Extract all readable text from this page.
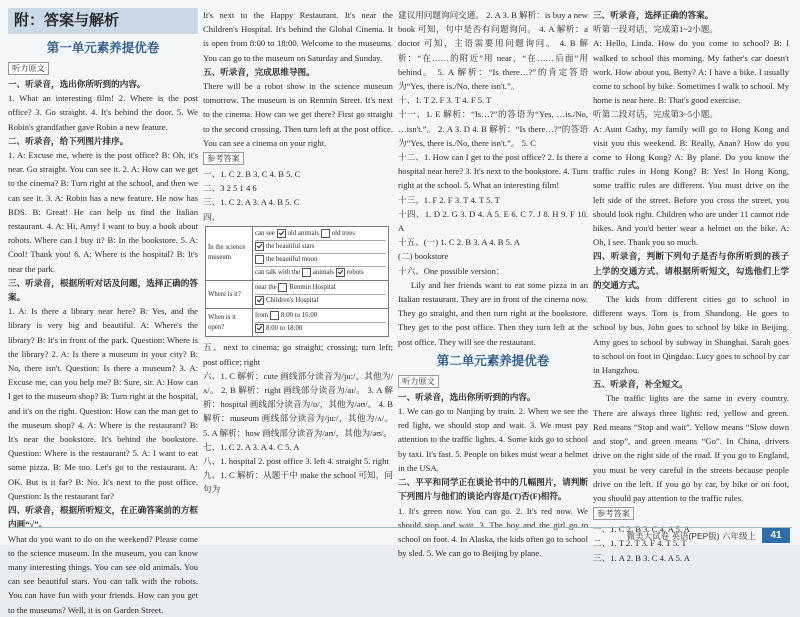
附：答案与解析
第一单元素养提优卷
听力原文
一、听录音，选出你所听到的内容。
1. What an interesting film! 2. Where is the post office? 3. Go straight. 4. It's behind the door. 5. We Robin's grandfather gave Robin a new feature.
二、听录音，给下列图片排序。
1. A: Excuse me, where is the post office? B: Oh, it's near. Go straight. You can see it. 2. A: How can we get to the cinema? B: Turn right at the school, and then we can see it. 3. A: Robin has a new feature. He now has BDS. B: Great! He can help us find the Italian restaurant. 4. A: Hi, Amy! I want to buy a book about robots. Where can I buy it? B: In the bookstore. 5. A: Cool! Thank you! 6. A: Where is the hospital? B: It's near the park.
三、听录音，根据所听对话及问题，选择正确的答案。
1. A: Is there a library near here? B: Yes, and the library is very big and beautiful. A: Where's the library? B: It's in front of the park. Question: Where is the library? 2. A: Is there a museum in your city? B: No, there isn't. Question: Is there a museum? 3. A: Excuse me, can you help me? B: Sure, sir. A: How can I get to the museum shop? B: Turn right at the hospital, and it's on the right. Question: How can the man get to the museum shop? 4. A: Where is the restaurant? B: It's near the bookstore. It's behind the bookstore. Question: Where is the restaurant? 5. A: I want to eat some pizza. B: Me too. Let's go to the restaurant. A: OK. But is it far? B: No. It's next to the post office. Question: Is the restaurant far?
四、听录音，根据所听短文，在正确答案前的方框内画“√”。
What do you want to do on the weekend? Please come to the science museum. In the museum, you can know many interesting things. You can see old animals. You can see beautiful stars. You can talk with the robots. You can have fun with your friends. How can you get to the museums? Well, it is on Garden Street.
It's next to the Happy Restaurant. It's near the Children's Hospital. It's behind the Global Cinema. It is open from 8:00 to 18:00. Welcome to the museums. You can go to the museum on Saturday and Sunday.
五、听录音，完成思维导图。
There will be a robot show in the science museum tomorrow. The museum is on Renmin Street. It's next to the cinema. How can we get there? First go straight to the second crossing. Then turn left at the post office. You can see a cinema on your right.
参考答案
一、1. C 2. B 3. C 4. B 5. C
二、3 2 5 1 4 6
三、1. C 2. A 3. A 4. B 5. C
四、
In the science museum	can see old animals old trees
the beautiful stars
the beautiful moon
can talk with the animals robots

Where is it?	near the Renmin Hospital
Children's Hospital

When is it open?	from 8:00 to 16:00
8:00 to 18:00
五、next to cinema; go straight; crossing; turn left; post office; right
六、1. C 解析：cute 画线部分读音为/ju:/，其他为/ʌ/。 2. B 解析：right 画线部分读音为/aɪ/。 3. A 解析：hospital 画线部分读音为/ɒ/，其他为/əʊ/。 4. B 解析：museum 画线部分读音为/ju:/，其他为/ʌ/。 5. A 解析：how 画线部分读音为/aʊ/，其他为/əʊ/。
七、1. C 2. A 3. A 4. C 5. A
八、1. hospital 2. post office 3. left 4. straight 5. right
九、1. C 解析：从题干中 make the school 可知，问句为
建议用问题询问交通。 2. A 3. B 解析：is buy a new book 可知，句中是否有问题询问。 4. A 解析：a doctor 可知，主语需要用问题询问。 4. B 解析：“在……的附近”用 near，“在……后面”用 behind。 5. A 解析：“Is there…?”的肯定答语为“Yes, there is./No, there isn't.”。
十、1. T 2. F 3. T 4. F 5. T
十一、1. E 解析：“Is…?”的答语为“Yes, …is./No, …isn't.”。 2. A 3. D 4. B 解析：“Is there…?”的答语为“Yes, there is./No, there isn't.”。 5. C
十二、1. How can I get to the post office? 2. Is there a hospital near here? 3. It's next to the bookstore. 4. Turn right at the school. 5. What an interesting film!
十三、1. F 2. F 3. T 4. T 5. T
十四、1. D 2. G 3. D 4. A 5. E 6. C 7. J 8. H 9. F 10. A
十五、(一) 1. C 2. B 3. A 4. B 5. A
(二) bookstore
十六、One possible version：
Lily and her friends want to eat some pizza in an Italian restaurant. They are in front of the cinema now. They go straight, and then turn right at the bookstore. They get to the post office. Then they turn left at the post office. They will see the restaurant.
第二单元素养提优卷
听力原文
一、听录音，选出你所听到的内容。
1. We can go to Nanjing by train. 2. When we see the red light, we should stop and wait. 3. We must pay attention to the traffic lights. 4. Some kids go to school by taxi. It's fast. 5. People on bikes must wear a helmet in the USA.
二、平平和同学正在谈论书中的几幅图片，请判断下列图片与他们的谈论内容是(T)否(F)相符。
1. It's green now. You can go. 2. It's red now. We should stop and wait. 3. The boy and the girl go to school on foot. 4. In Alaska, the kids often go to school by sled. 5. We can go to Beijing by plane.
三、听录音，选择正确的答案。
听第一段对话，完成第1~2小题。
A: Hello, Linda. How do you come to school? B: I walked to school this morning. My father's car doesn't work. How about you, Betty? A: I have a bike. I usually come to school by bike. Sometimes I walk to school. My home is near here. B: That's good exercise.
听第二段对话，完成第3~5小题。
A: Aunt Cathy, my family will go to Hong Kong and visit you this weekend. B: Really, Anan? How do you come to Hong Kong? A: By plane. Do you know the traffic rules in Hong Kong? B: Yes! In Hong Kong, some traffic rules are different. You must drive on the left side of the street. Before you cross the street, you should look right. Children who are under 11 cannot ride bikes. And you'd better wear a helmet on the bike. A: Oh, I see. Thank you so much.
四、听录音，判断下列句子是否与你所听到的孩子上学的交通方式、请根据所听短文，勾选他们上学的交通方式。
The kids from different cities go to school in different ways. Tom is from Shandong. He goes to school by bus. John goes to school by bike in Beijing. Amy goes to school by subway in Shanghai. Sarah goes to school on foot in Qingdao. Lucy goes to school by car in Hangzhou.
五、听录音，补全短文。
The traffic lights are the same in every country. There are always three lights: red, yellow and green. Red means “Stop and wait”. Yellow means “Slow down and stop”, and green means “Go”. In China, drivers drive on the right side of the road. If you go to England, you must be very careful in the streets because people drive on the left. If you go by car, by bike or on foot, you should pay attention to the traffic rules.
参考答案
一、1. C 2. B 3. C 4. A 5. A
二、1. T 2. T 3. F 4. T 5. T
三、1. A 2. B 3. C 4. A 5. A
微美大试卷 英语(PEP版) 六年级上	41
